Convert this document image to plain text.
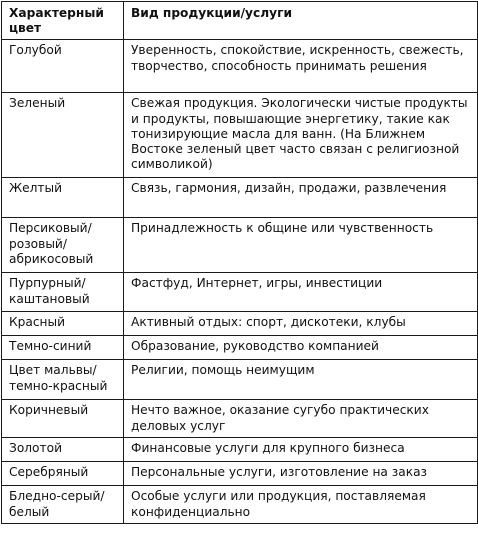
Характерный цвет	Вид продукции/услуги
Голубой	Уверенность, спокойствие, искренность, свежесть, творчество, способность принимать решения
Зеленый	Свежая продукция. Экологически чистые продукты и продукты, повышающие энергетику, такие как тонизирующие масла для ванн. (На Ближнем Востоке зеленый цвет часто связан с религиозной символикой)
Желтый	Связь, гармония, дизайн, продажи, развлечения
Персиковый/ розовый/ абрикосовый	Принадлежность к общине или чувственность
Пурпурный/ каштановый	Фастфуд, Интернет, игры, инвестиции
Красный	Активный отдых: спорт, дискотеки, клубы
Темно-синий	Образование, руководство компанией
Цвет мальвы/ темно-красный	Религии, помощь неимущим
Коричневый	Нечто важное, оказание сугубо практических деловых услуг
Золотой	Финансовые услуги для крупного бизнеса
Серебряный	Персональные услуги, изготовление на заказ
Бледно-серый/ белый	Особые услуги или продукция, поставляемая конфиденциально
